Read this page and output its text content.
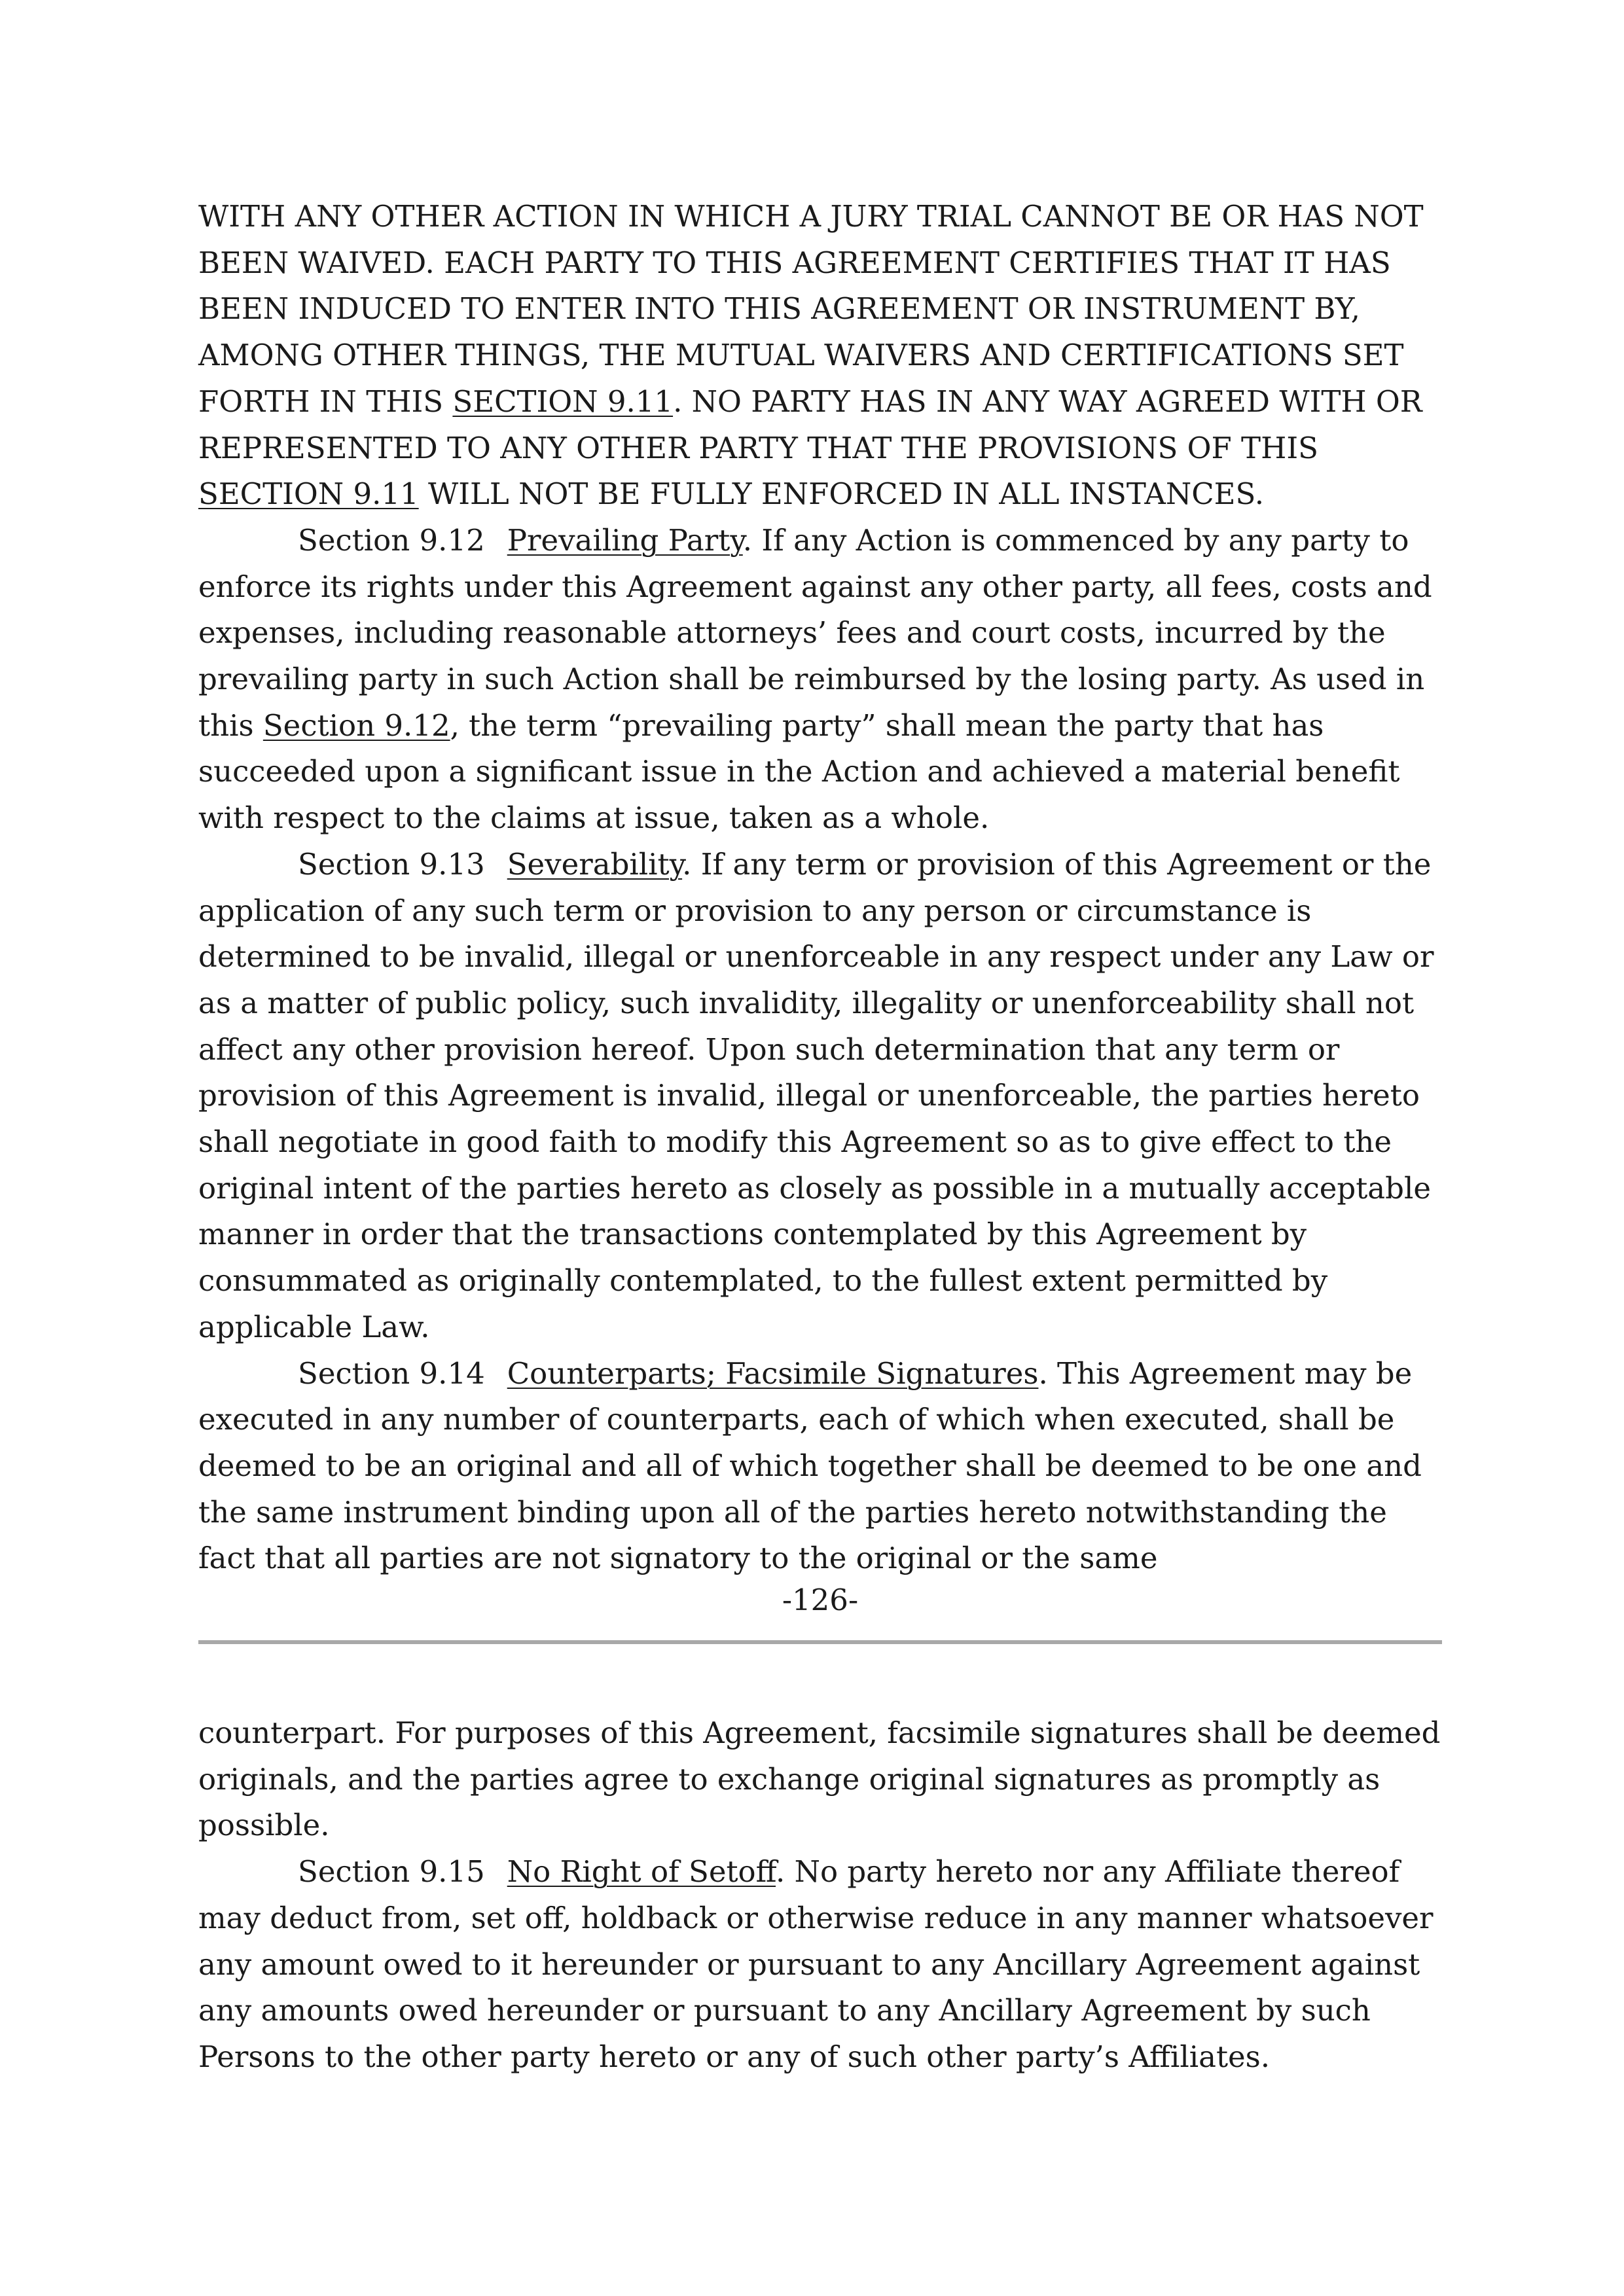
WITH ANY OTHER ACTION IN WHICH A JURY TRIAL CANNOT BE OR HAS NOT BEEN WAIVED. EACH PARTY TO THIS AGREEMENT CERTIFIES THAT IT HAS BEEN INDUCED TO ENTER INTO THIS AGREEMENT OR INSTRUMENT BY, AMONG OTHER THINGS, THE MUTUAL WAIVERS AND CERTIFICATIONS SET FORTH IN THIS SECTION 9.11. NO PARTY HAS IN ANY WAY AGREED WITH OR REPRESENTED TO ANY OTHER PARTY THAT THE PROVISIONS OF THIS SECTION 9.11 WILL NOT BE FULLY ENFORCED IN ALL INSTANCES.

Section 9.12 Prevailing Party. If any Action is commenced by any party to enforce its rights under this Agreement against any other party, all fees, costs and expenses, including reasonable attorneys’ fees and court costs, incurred by the prevailing party in such Action shall be reimbursed by the losing party. As used in this Section 9.12, the term “prevailing party” shall mean the party that has succeeded upon a significant issue in the Action and achieved a material benefit with respect to the claims at issue, taken as a whole.

Section 9.13 Severability. If any term or provision of this Agreement or the application of any such term or provision to any person or circumstance is determined to be invalid, illegal or unenforceable in any respect under any Law or as a matter of public policy, such invalidity, illegality or unenforceability shall not affect any other provision hereof. Upon such determination that any term or provision of this Agreement is invalid, illegal or unenforceable, the parties hereto shall negotiate in good faith to modify this Agreement so as to give effect to the original intent of the parties hereto as closely as possible in a mutually acceptable manner in order that the transactions contemplated by this Agreement by consummated as originally contemplated, to the fullest extent permitted by applicable Law.

Section 9.14 Counterparts; Facsimile Signatures. This Agreement may be executed in any number of counterparts, each of which when executed, shall be deemed to be an original and all of which together shall be deemed to be one and the same instrument binding upon all of the parties hereto notwithstanding the fact that all parties are not signatory to the original or the same

-126-

counterpart. For purposes of this Agreement, facsimile signatures shall be deemed originals, and the parties agree to exchange original signatures as promptly as possible.

Section 9.15 No Right of Setoff. No party hereto nor any Affiliate thereof may deduct from, set off, holdback or otherwise reduce in any manner whatsoever any amount owed to it hereunder or pursuant to any Ancillary Agreement against any amounts owed hereunder or pursuant to any Ancillary Agreement by such Persons to the other party hereto or any of such other party’s Affiliates.
